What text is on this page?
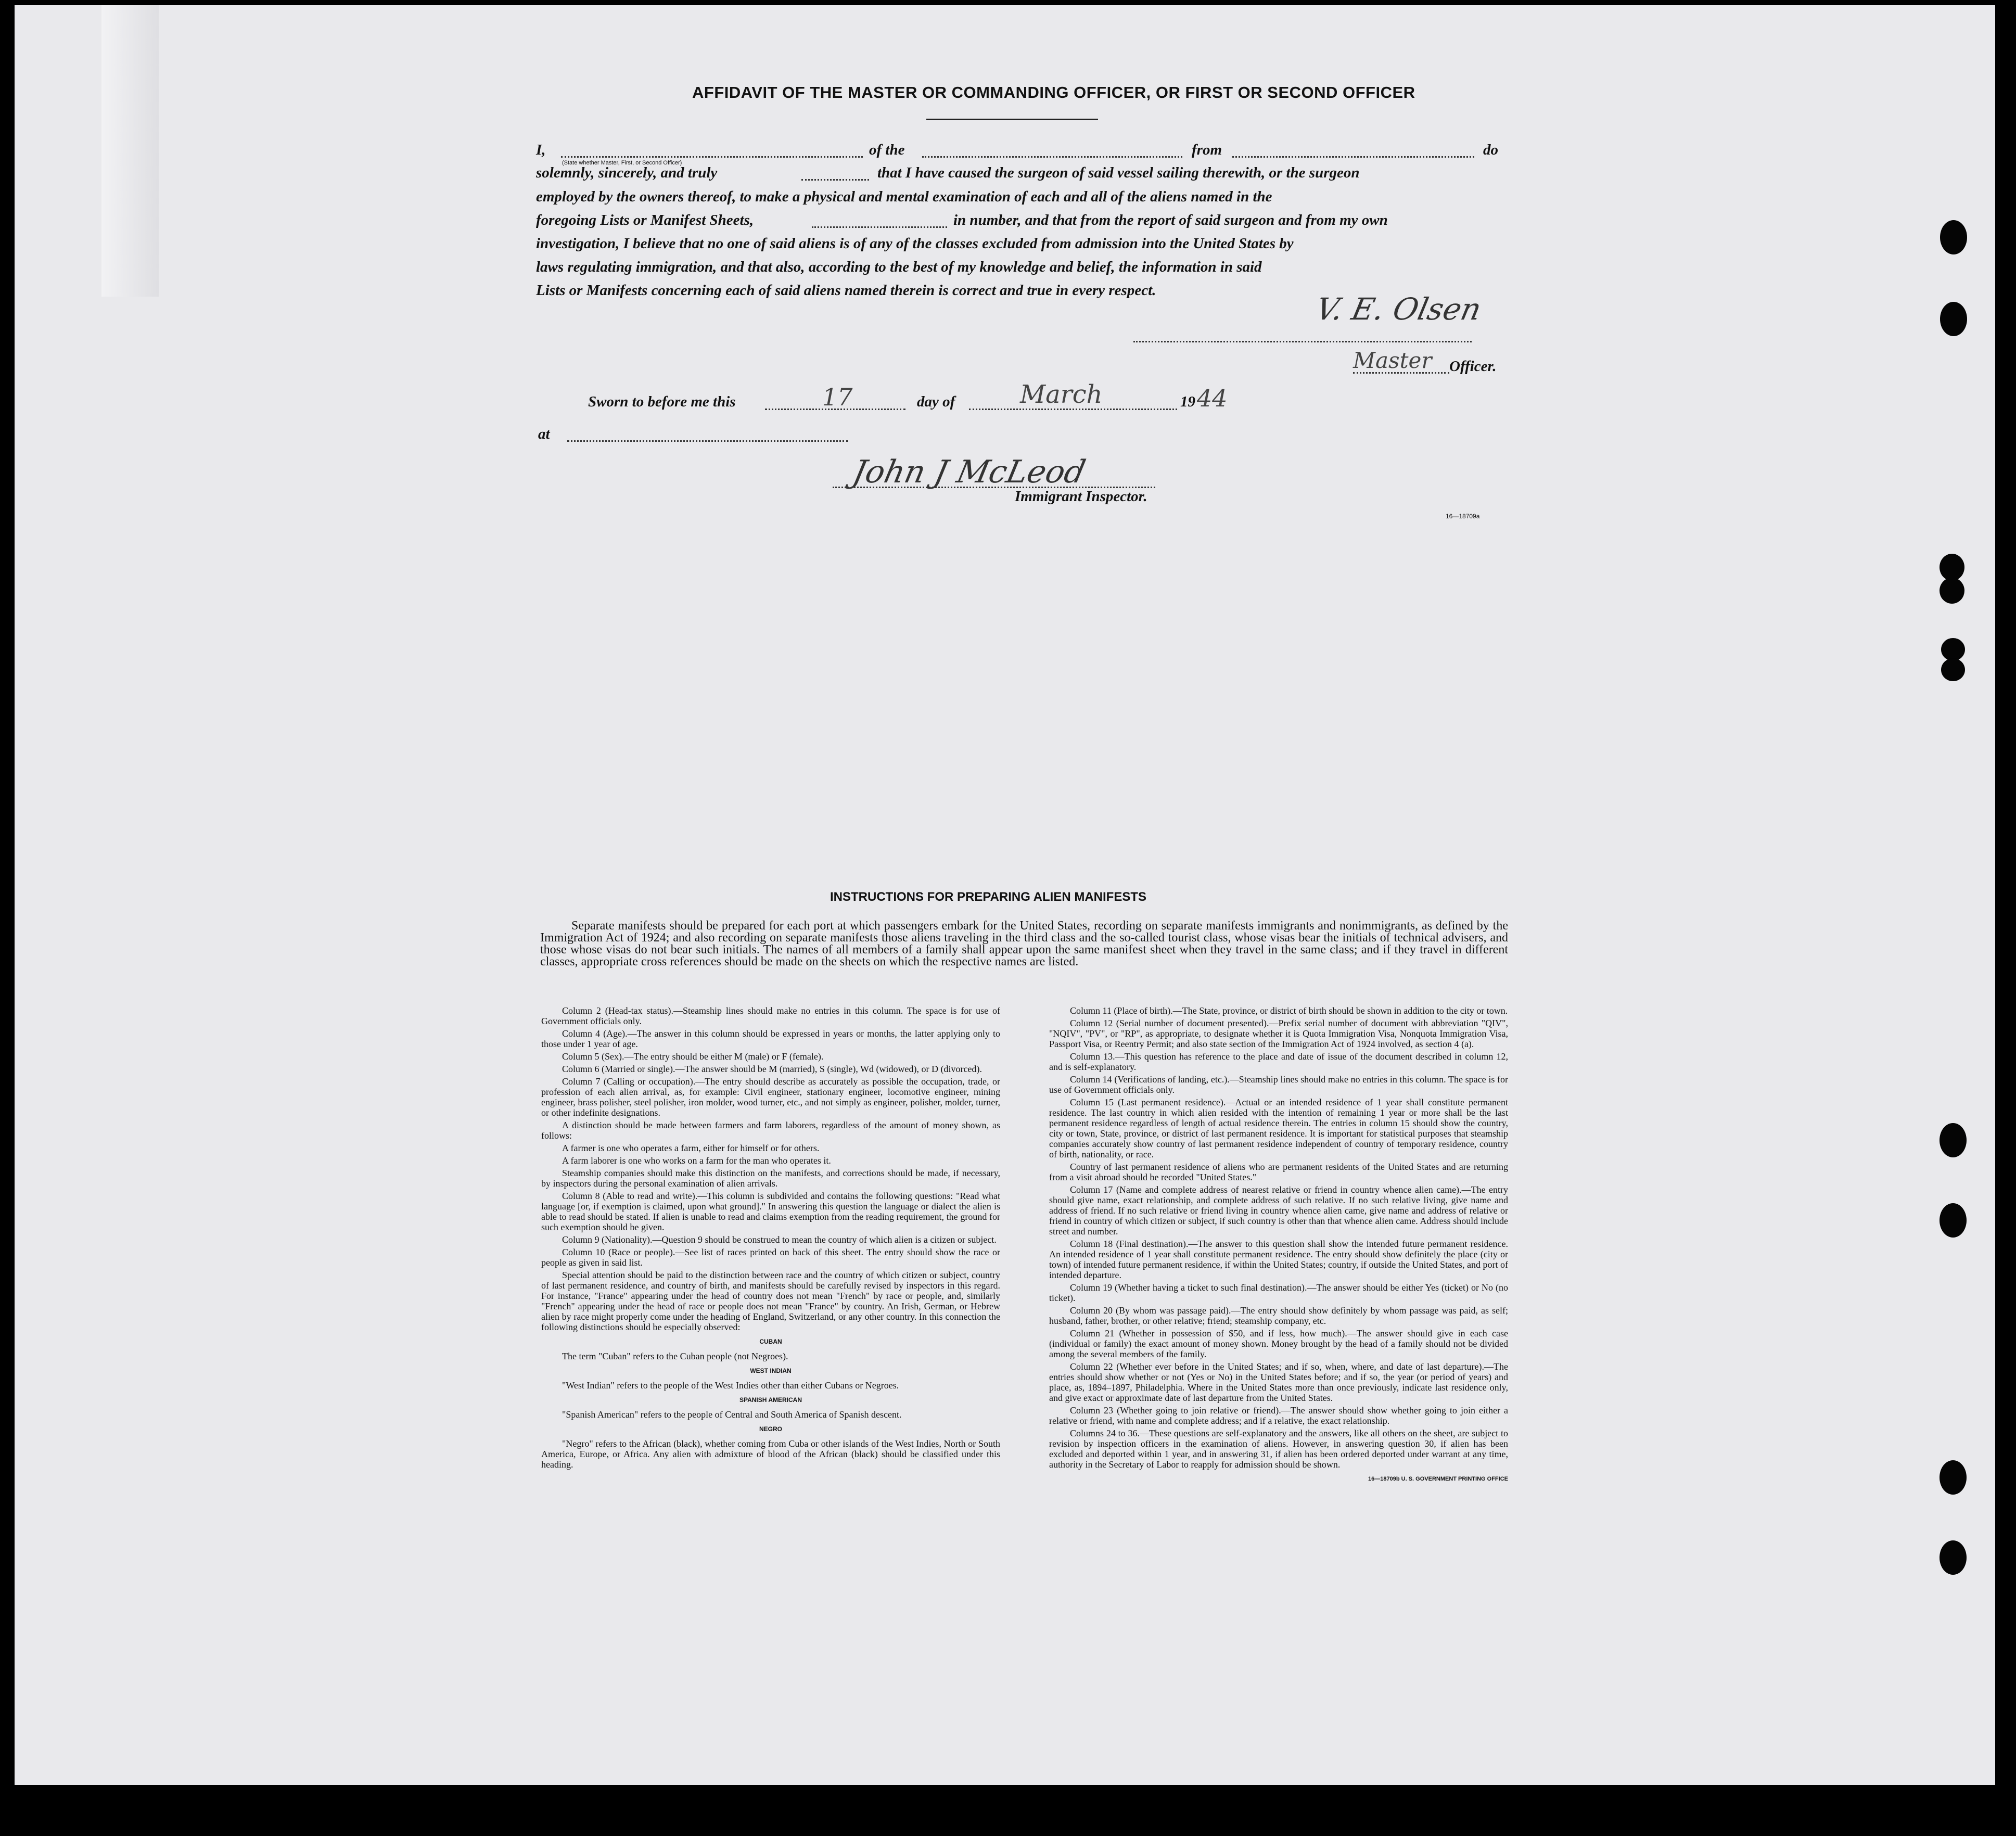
AFFIDAVIT OF THE MASTER OR COMMANDING OFFICER, OR FIRST OR SECOND OFFICER
I,	of the	from	do
(State whether Master, First, or Second Officer)
solemnly, sincerely, and truly	that I have caused the surgeon of said vessel sailing therewith, or the surgeon
employed by the owners thereof, to make a physical and mental examination of each and all of the aliens named in the
foregoing Lists or Manifest Sheets,	in number, and that from the report of said surgeon and from my own
investigation, I believe that no one of said aliens is of any of the classes excluded from admission into the United States by
laws regulating immigration, and that also, according to the best of my knowledge and belief, the information in said
Lists or Manifests concerning each of said aliens named therein is correct and true in every respect.
V. E. Olsen
Master Officer.
Sworn to before me this	17	day of	March	19 44
at
John J McLeod
Immigrant Inspector.
16—18709a
INSTRUCTIONS FOR PREPARING ALIEN MANIFESTS
Separate manifests should be prepared for each port at which passengers embark for the United States, recording on separate manifests immigrants and nonimmigrants, as defined by the Immigration Act of 1924; and also recording on separate manifests those aliens traveling in the third class and the so-called tourist class, whose visas bear the initials of technical advisers, and those whose visas do not bear such initials. The names of all members of a family shall appear upon the same manifest sheet when they travel in the same class; and if they travel in different classes, appropriate cross references should be made on the sheets on which the respective names are listed.

Column 2 (Head-tax status).—Steamship lines should make no entries in this column. The space is for use of Government officials only.

Column 4 (Age).—The answer in this column should be expressed in years or months, the latter applying only to those under 1 year of age.

Column 5 (Sex).—The entry should be either M (male) or F (female).

Column 6 (Married or single).—The answer should be M (married), S (single), Wd (widowed), or D (divorced).

Column 7 (Calling or occupation).—The entry should describe as accurately as possible the occupation, trade, or profession of each alien arrival, as, for example: Civil engineer, stationary engineer, locomotive engineer, mining engineer, brass polisher, steel polisher, iron molder, wood turner, etc., and not simply as engineer, polisher, molder, turner, or other indefinite designations.

A distinction should be made between farmers and farm laborers, regardless of the amount of money shown, as follows:

A farmer is one who operates a farm, either for himself or for others.

A farm laborer is one who works on a farm for the man who operates it.

Steamship companies should make this distinction on the manifests, and corrections should be made, if necessary, by inspectors during the personal examination of alien arrivals.

Column 8 (Able to read and write).—This column is subdivided and contains the following questions: "Read what language [or, if exemption is claimed, upon what ground]." In answering this question the language or dialect the alien is able to read should be stated. If alien is unable to read and claims exemption from the reading requirement, the ground for such exemption should be given.

Column 9 (Nationality).—Question 9 should be construed to mean the country of which alien is a citizen or subject.

Column 10 (Race or people).—See list of races printed on back of this sheet. The entry should show the race or people as given in said list.

Special attention should be paid to the distinction between race and the country of which citizen or subject, country of last permanent residence, and country of birth, and manifests should be carefully revised by inspectors in this regard. For instance, "France" appearing under the head of country does not mean "French" by race or people, and, similarly "French" appearing under the head of race or people does not mean "France" by country. An Irish, German, or Hebrew alien by race might properly come under the heading of England, Switzerland, or any other country. In this connection the following distinctions should be especially observed:

CUBAN

The term "Cuban" refers to the Cuban people (not Negroes).

WEST INDIAN

"West Indian" refers to the people of the West Indies other than either Cubans or Negroes.

SPANISH AMERICAN

"Spanish American" refers to the people of Central and South America of Spanish descent.

NEGRO

"Negro" refers to the African (black), whether coming from Cuba or other islands of the West Indies, North or South America, Europe, or Africa. Any alien with admixture of blood of the African (black) should be classified under this heading.

Column 11 (Place of birth).—The State, province, or district of birth should be shown in addition to the city or town.

Column 12 (Serial number of document presented).—Prefix serial number of document with abbreviation "QIV", "NQIV", "PV", or "RP", as appropriate, to designate whether it is Quota Immigration Visa, Nonquota Immigration Visa, Passport Visa, or Reentry Permit; and also state section of the Immigration Act of 1924 involved, as section 4 (a).

Column 13.—This question has reference to the place and date of issue of the document described in column 12, and is self-explanatory.

Column 14 (Verifications of landing, etc.).—Steamship lines should make no entries in this column. The space is for use of Government officials only.

Column 15 (Last permanent residence).—Actual or an intended residence of 1 year shall constitute permanent residence. The last country in which alien resided with the intention of remaining 1 year or more shall be the last permanent residence regardless of length of actual residence therein. The entries in column 15 should show the country, city or town, State, province, or district of last permanent residence. It is important for statistical purposes that steamship companies accurately show country of last permanent residence independent of country of temporary residence, country of birth, nationality, or race.

Country of last permanent residence of aliens who are permanent residents of the United States and are returning from a visit abroad should be recorded "United States."

Column 17 (Name and complete address of nearest relative or friend in country whence alien came).—The entry should give name, exact relationship, and complete address of such relative. If no such relative living, give name and address of friend. If no such relative or friend living in country whence alien came, give name and address of relative or friend in country of which citizen or subject, if such country is other than that whence alien came. Address should include street and number.

Column 18 (Final destination).—The answer to this question shall show the intended future permanent residence. An intended residence of 1 year shall constitute permanent residence. The entry should show definitely the place (city or town) of intended future permanent residence, if within the United States; country, if outside the United States, and port of intended departure.

Column 19 (Whether having a ticket to such final destination).—The answer should be either Yes (ticket) or No (no ticket).

Column 20 (By whom was passage paid).—The entry should show definitely by whom passage was paid, as self; husband, father, brother, or other relative; friend; steamship company, etc.

Column 21 (Whether in possession of $50, and if less, how much).—The answer should give in each case (individual or family) the exact amount of money shown. Money brought by the head of a family should not be divided among the several members of the family.

Column 22 (Whether ever before in the United States; and if so, when, where, and date of last departure).—The entries should show whether or not (Yes or No) in the United States before; and if so, the year (or period of years) and place, as, 1894–1897, Philadelphia. Where in the United States more than once previously, indicate last residence only, and give exact or approximate date of last departure from the United States.

Column 23 (Whether going to join relative or friend).—The answer should show whether going to join either a relative or friend, with name and complete address; and if a relative, the exact relationship.

Columns 24 to 36.—These questions are self-explanatory and the answers, like all others on the sheet, are subject to revision by inspection officers in the examination of aliens. However, in answering question 30, if alien has been excluded and deported within 1 year, and in answering 31, if alien has been ordered deported under warrant at any time, authority in the Secretary of Labor to reapply for admission should be shown.

16—18709b U. S. GOVERNMENT PRINTING OFFICE
